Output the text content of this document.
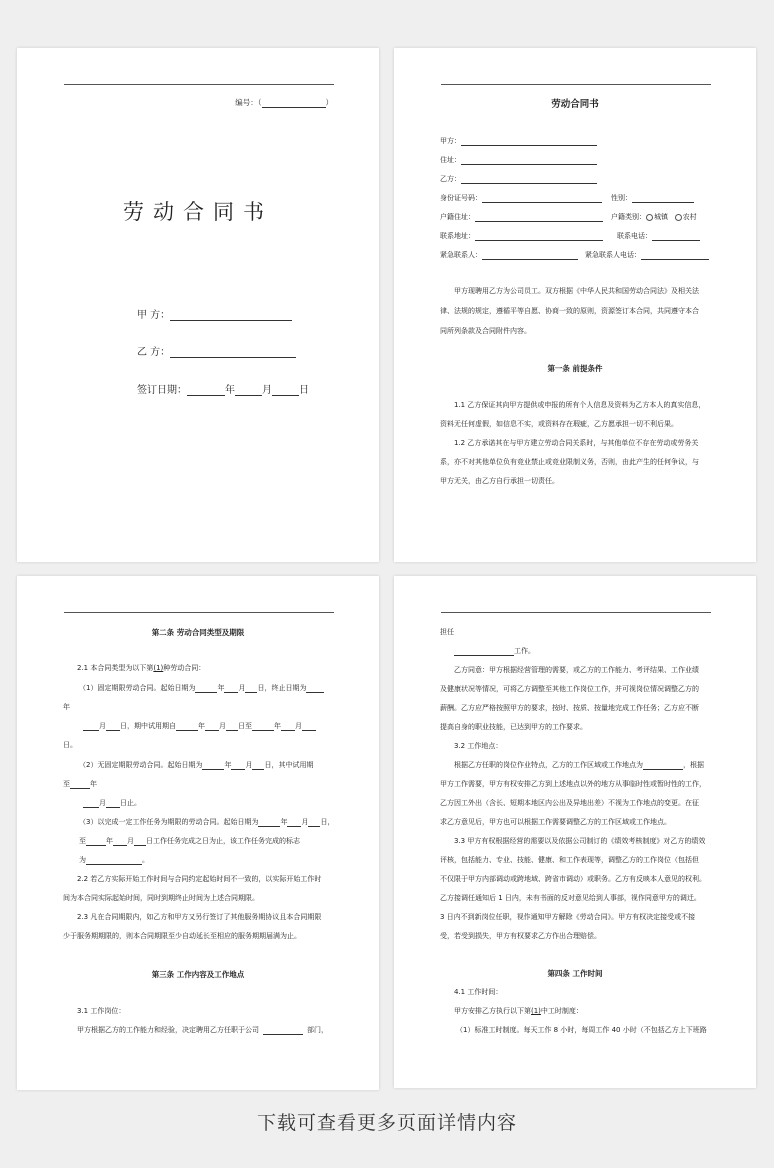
编号：（	）
劳动合同书
甲 方：
乙 方：
签订日期：	年	月	日
劳动合同书
甲方：
住址：
乙方：
身份证号码：	性别：
户籍住址：	户籍类别： 城镇 农村
联系地址：	联系电话：
紧急联系人：	紧急联系人电话：
甲方现聘用乙方为公司员工。双方根据《中华人民共和国劳动合同法》及相关法
律、法规的规定，遵循平等自愿、协商一致的原则，资源签订本合同，共同遵守本合
同所列条款及合同附件内容。
第一条 前提条件
1.1 乙方保证其向甲方提供或申报的所有个人信息及资料为乙方本人的真实信息，
资料无任何虚假，如信息不实，或资料存在瑕疵，乙方愿承担一切不利后果。
1.2 乙方承诺其在与甲方建立劳动合同关系时，与其他单位不存在劳动或劳务关
系，亦不对其他单位负有竞业禁止或竞业限制义务，否则，由此产生的任何争议，与
甲方无关，由乙方自行承担一切责任。
第二条 劳动合同类型及期限
2.1 本合同类型为以下第(1)种劳动合同：
（1）固定期限劳动合同。起始日期为	年 月 日，终止日期为
年
月 日，期中试用期自	年 月 日至	年 月
日。
（2）无固定期限劳动合同。起始日期为	年 月 日，其中试用期
至	年
月 日止。
（3）以完成一定工作任务为期限的劳动合同。起始日期为	年 月 日，
至	年 月 日工作任务完成之日为止，该工作任务完成的标志
为	。
2.2 若乙方实际开始工作时间与合同约定起始时间不一致的，以实际开始工作时
间为本合同实际起始时间，同时到期终止时间为上述合同期限。
2.3 凡在合同期限内，如乙方和甲方又另行签订了其他服务期协议且本合同期限
少于服务期期限的，则本合同期限至少自动延长至相应的服务期期届满为止。
第三条 工作内容及工作地点
3.1 工作岗位：
甲方根据乙方的工作能力和经验，决定聘用乙方任职于公司	部门，
担任
工作。
乙方同意：甲方根据经营管理的需要，或乙方的工作能力、考评结果、工作业绩
及健康状况等情况，可将乙方调整至其他工作岗位工作，并可视岗位情况调整乙方的
薪酬。乙方应严格按照甲方的要求，按时、按质、按量地完成工作任务；乙方应不断
提高自身的职业技能，已达到甲方的工作要求。
3.2 工作地点：
根据乙方任职的岗位作业特点，乙方的工作区域或工作地点为	，根据
甲方工作需要，甲方有权安排乙方到上述地点以外的地方从事临时性或暂时性的工作，
乙方因工外出（含长、短期本地区内公出及异地出差）不视为工作地点的变更。在征
求乙方意见后，甲方也可以根据工作需要调整乙方的工作区域或工作地点。
3.3 甲方有权根据经营的需要以及依据公司制订的《绩效考核制度》对乙方的绩效
评核，包括能力、专业、技能、健康、和工作表现等，调整乙方的工作岗位（包括但
不仅限于甲方内部调动或跨地域、跨省市调动）或职务。乙方有反映本人意见的权利。
乙方接调任通知后 1 日内，未有书面的反对意见给到人事部，视作同意甲方的调迁。
3 日内不到新岗位任职，视作通知甲方解除《劳动合同》。甲方有权决定接受或不接
受，若受到损失，甲方有权要求乙方作出合理赔偿。
第四条 工作时间
4.1 工作时间：
甲方安排乙方执行以下第(1)中工时制度：
（1）标准工时制度。每天工作 8 小时，每周工作 40 小时（不包括乙方上下班路
下载可查看更多页面详情内容
